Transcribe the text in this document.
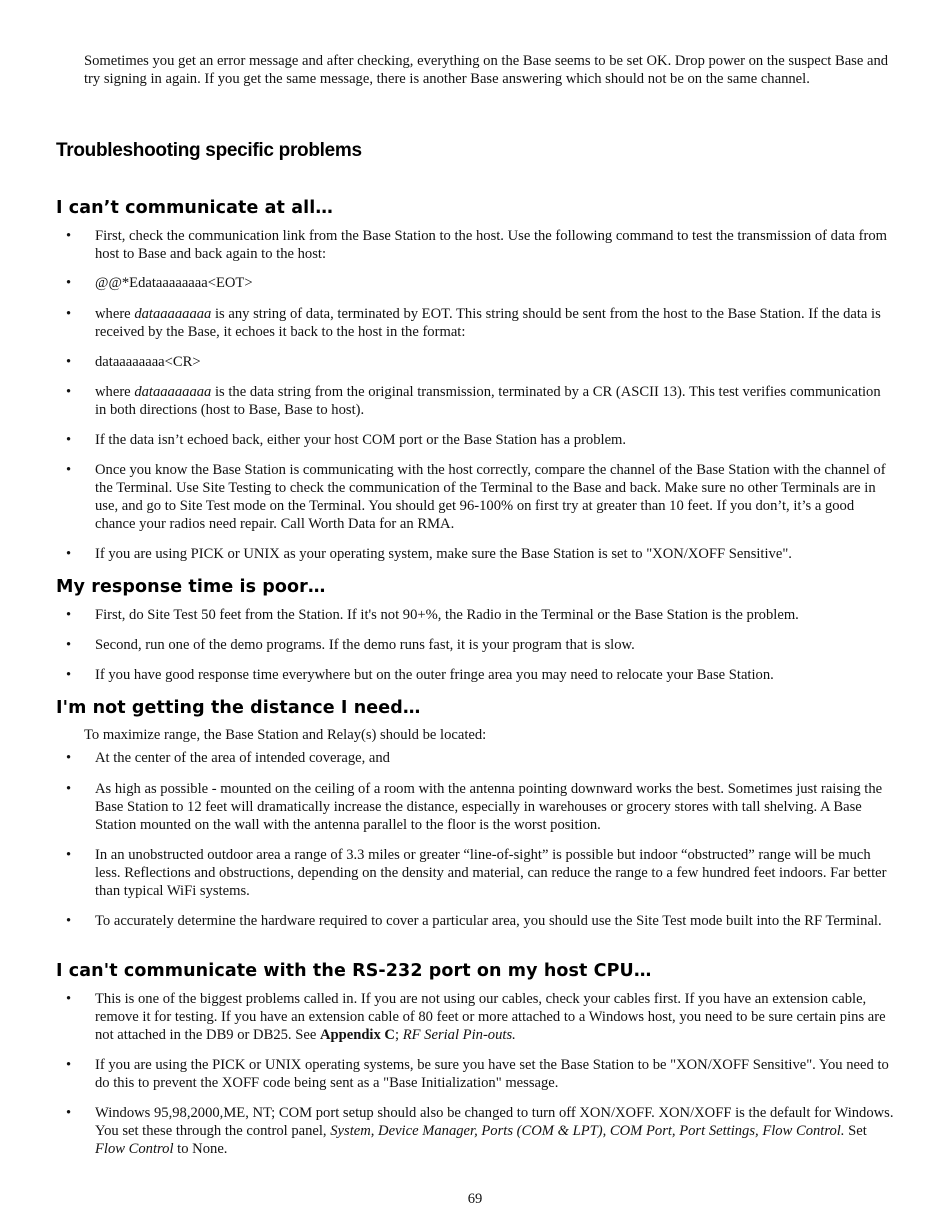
Sometimes you get an error message and after checking, everything on the Base seems to be set OK. Drop power on the suspect Base and try signing in again. If you get the same message, there is another Base answering which should not be on the same channel.

Troubleshooting specific problems
I can’t communicate at all…
•	First, check the communication link from the Base Station to the host. Use the following command to test the transmission of data from host to Base and back again to the host:
•	@@*Edataaaaaaaa<EOT>
•	where dataaaaaaaa is any string of data, terminated by EOT. This string should be sent from the host to the Base Station. If the data is received by the Base, it echoes it back to the host in the format:
•	dataaaaaaaa<CR>
•	where dataaaaaaaa is the data string from the original transmission, terminated by a CR (ASCII 13). This test verifies communication in both directions (host to Base, Base to host).
•	If the data isn’t echoed back, either your host COM port or the Base Station has a problem.
•	Once you know the Base Station is communicating with the host correctly, compare the channel of the Base Station with the channel of the Terminal. Use Site Testing to check the communication of the Terminal to the Base and back. Make sure no other Terminals are in use, and go to Site Test mode on the Terminal. You should get 96-100% on first try at greater than 10 feet. If you don’t, it’s a good chance your radios need repair. Call Worth Data for an RMA.
•	If you are using PICK or UNIX as your operating system, make sure the Base Station is set to "XON/XOFF Sensitive".
My response time is poor…
•	First, do Site Test 50 feet from the Station. If it's not 90+%, the Radio in the Terminal or the Base Station is the problem.
•	Second, run one of the demo programs. If the demo runs fast, it is your program that is slow.
•	If you have good response time everywhere but on the outer fringe area you may need to relocate your Base Station.
I'm not getting the distance I need…

To maximize range, the Base Station and Relay(s) should be located:

•	At the center of the area of intended coverage, and
•	As high as possible - mounted on the ceiling of a room with the antenna pointing downward works the best. Sometimes just raising the Base Station to 12 feet will dramatically increase the distance, especially in warehouses or grocery stores with tall shelving. A Base Station mounted on the wall with the antenna parallel to the floor is the worst position.
•	In an unobstructed outdoor area a range of 3.3 miles or greater “line-of-sight” is possible but indoor “obstructed” range will be much less. Reflections and obstructions, depending on the density and material, can reduce the range to a few hundred feet indoors. Far better than typical WiFi systems.
•	To accurately determine the hardware required to cover a particular area, you should use the Site Test mode built into the RF Terminal.
I can't communicate with the RS-232 port on my host CPU…
•	This is one of the biggest problems called in. If you are not using our cables, check your cables first. If you have an extension cable, remove it for testing. If you have an extension cable of 80 feet or more attached to a Windows host, you need to be sure certain pins are not attached in the DB9 or DB25. See Appendix C; RF Serial Pin-outs.
•	If you are using the PICK or UNIX operating systems, be sure you have set the Base Station to be "XON/XOFF Sensitive". You need to do this to prevent the XOFF code being sent as a "Base Initialization" message.
•	Windows 95,98,2000,ME, NT; COM port setup should also be changed to turn off XON/XOFF. XON/XOFF is the default for Windows. You set these through the control panel, System, Device Manager, Ports (COM & LPT), COM Port, Port Settings, Flow Control. Set Flow Control to None.
69
